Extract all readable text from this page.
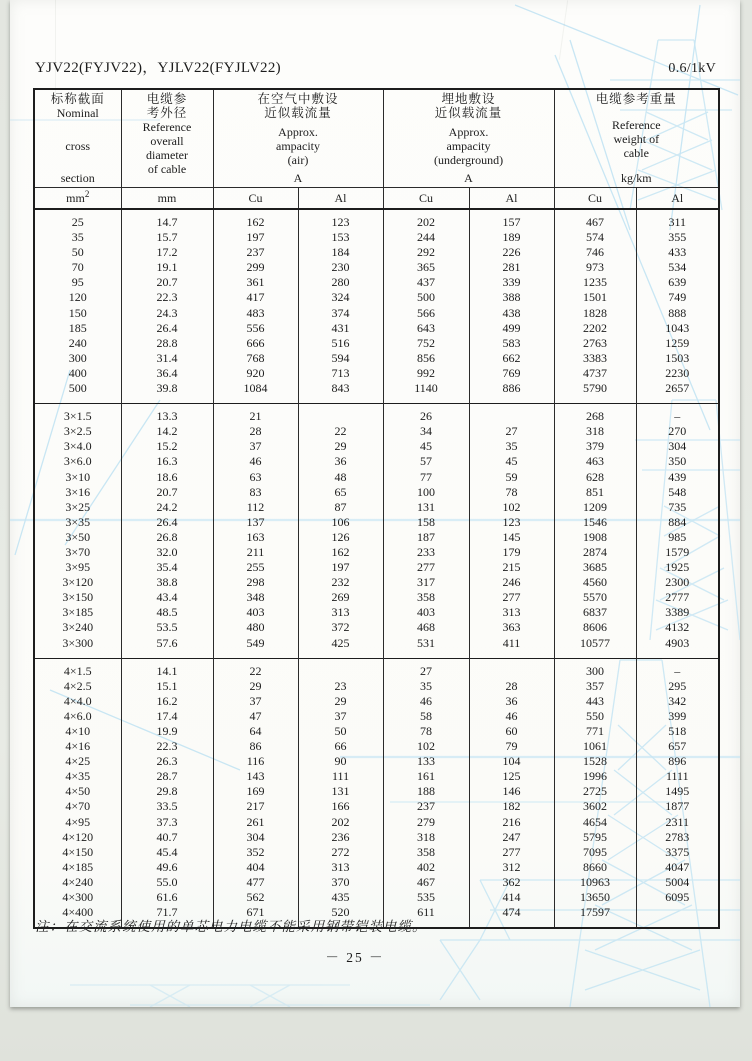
YJV22(FYJV22)，YJLV22(FYJLV22)	0.6/1kV
标称截面
Nominal
cross
section

电缆参
考外径
Reference
overall
diameter
of cable

在空气中敷设
近似载流量
Approx.
ampacity
(air)
A

埋地敷设
近似载流量
Approx.
ampacity
(underground)
A

电缆参考重量
Reference
weight of
cable
kg/km

$mm^2$	mm	Cu	Al	Cu	Al	Cu	Al
25	14.7	162	123	202	157	467	311
35	15.7	197	153	244	189	574	355
50	17.2	237	184	292	226	746	433
70	19.1	299	230	365	281	973	534
95	20.7	361	280	437	339	1235	639
120	22.3	417	324	500	388	1501	749
150	24.3	483	374	566	438	1828	888
185	26.4	556	431	643	499	2202	1043
240	28.8	666	516	752	583	2763	1259
300	31.4	768	594	856	662	3383	1503
400	36.4	920	713	992	769	4737	2230
500	39.8	1084	843	1140	886	5790	2657
3×1.5	13.3	21		26		268	–
3×2.5	14.2	28	22	34	27	318	270
3×4.0	15.2	37	29	45	35	379	304
3×6.0	16.3	46	36	57	45	463	350
3×10	18.6	63	48	77	59	628	439
3×16	20.7	83	65	100	78	851	548
3×25	24.2	112	87	131	102	1209	735
3×35	26.4	137	106	158	123	1546	884
3×50	26.8	163	126	187	145	1908	985
3×70	32.0	211	162	233	179	2874	1579
3×95	35.4	255	197	277	215	3685	1925
3×120	38.8	298	232	317	246	4560	2300
3×150	43.4	348	269	358	277	5570	2777
3×185	48.5	403	313	403	313	6837	3389
3×240	53.5	480	372	468	363	8606	4132
3×300	57.6	549	425	531	411	10577	4903
4×1.5	14.1	22		27		300	–
4×2.5	15.1	29	23	35	28	357	295
4×4.0	16.2	37	29	46	36	443	342
4×6.0	17.4	47	37	58	46	550	399
4×10	19.9	64	50	78	60	771	518
4×16	22.3	86	66	102	79	1061	657
4×25	26.3	116	90	133	104	1528	896
4×35	28.7	143	111	161	125	1996	1111
4×50	29.8	169	131	188	146	2725	1495
4×70	33.5	217	166	237	182	3602	1877
4×95	37.3	261	202	279	216	4654	2311
4×120	40.7	304	236	318	247	5795	2783
4×150	45.4	352	272	358	277	7095	3375
4×185	49.6	404	313	402	312	8660	4047
4×240	55.0	477	370	467	362	10963	5004
4×300	61.6	562	435	535	414	13650	6095
4×400	71.7	671	520	611	474	17597	
注：在交流系统使用的单芯电力电缆不能采用钢带铠装电缆。
－ 25 －
